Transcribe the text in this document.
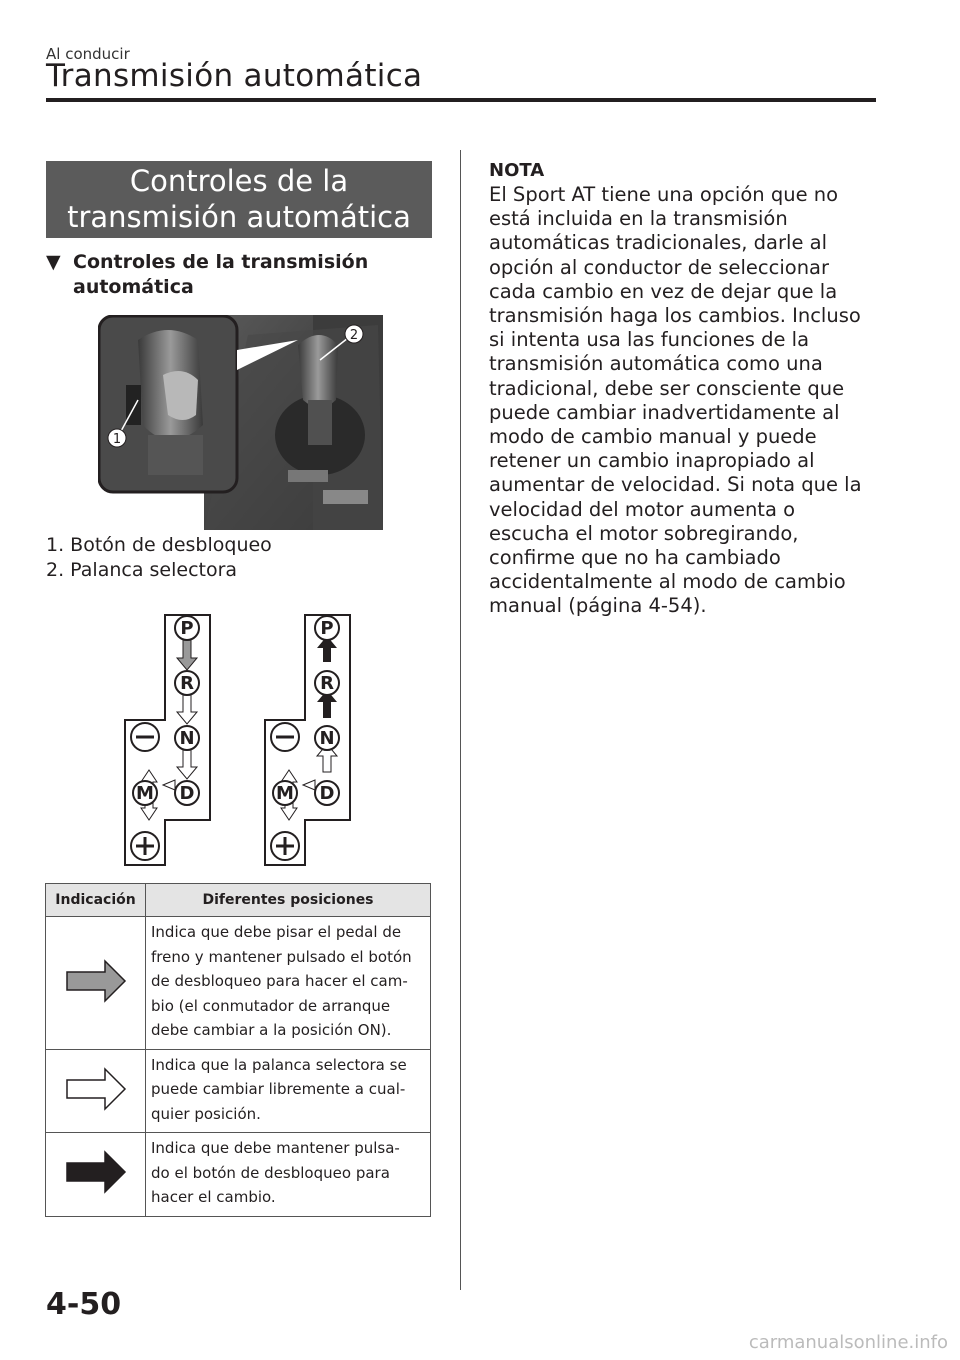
Al conducir
Transmisión automática
Controles de la
transmisión automática
▼ Controles de la transmisión
automática
1
2
1. Botón de desbloqueo
2. Palanca selectora
P
R
N
D
M
P
R
N
D
M
Indicación	Diferentes posiciones

Indica que debe pisar el pedal de
freno y mantener pulsado el botón
de desbloqueo para hacer el cam-
bio (el conmutador de arranque
debe cambiar a la posición ON).

Indica que la palanca selectora se
puede cambiar libremente a cual-
quier posición.

Indica que debe mantener pulsa-
do el botón de desbloqueo para
hacer el cambio.
NOTA
El Sport AT tiene una opción que no
está incluida en la transmisión
automáticas tradicionales, darle al
opción al conductor de seleccionar
cada cambio en vez de dejar que la
transmisión haga los cambios. Incluso
si intenta usa las funciones de la
transmisión automática como una
tradicional, debe ser consciente que
puede cambiar inadvertidamente al
modo de cambio manual y puede
retener un cambio inapropiado al
aumentar de velocidad. Si nota que la
velocidad del motor aumenta o
escucha el motor sobregirando,
confirme que no ha cambiado
accidentalmente al modo de cambio
manual (página 4-54).
4-50
carmanualsonline.info
